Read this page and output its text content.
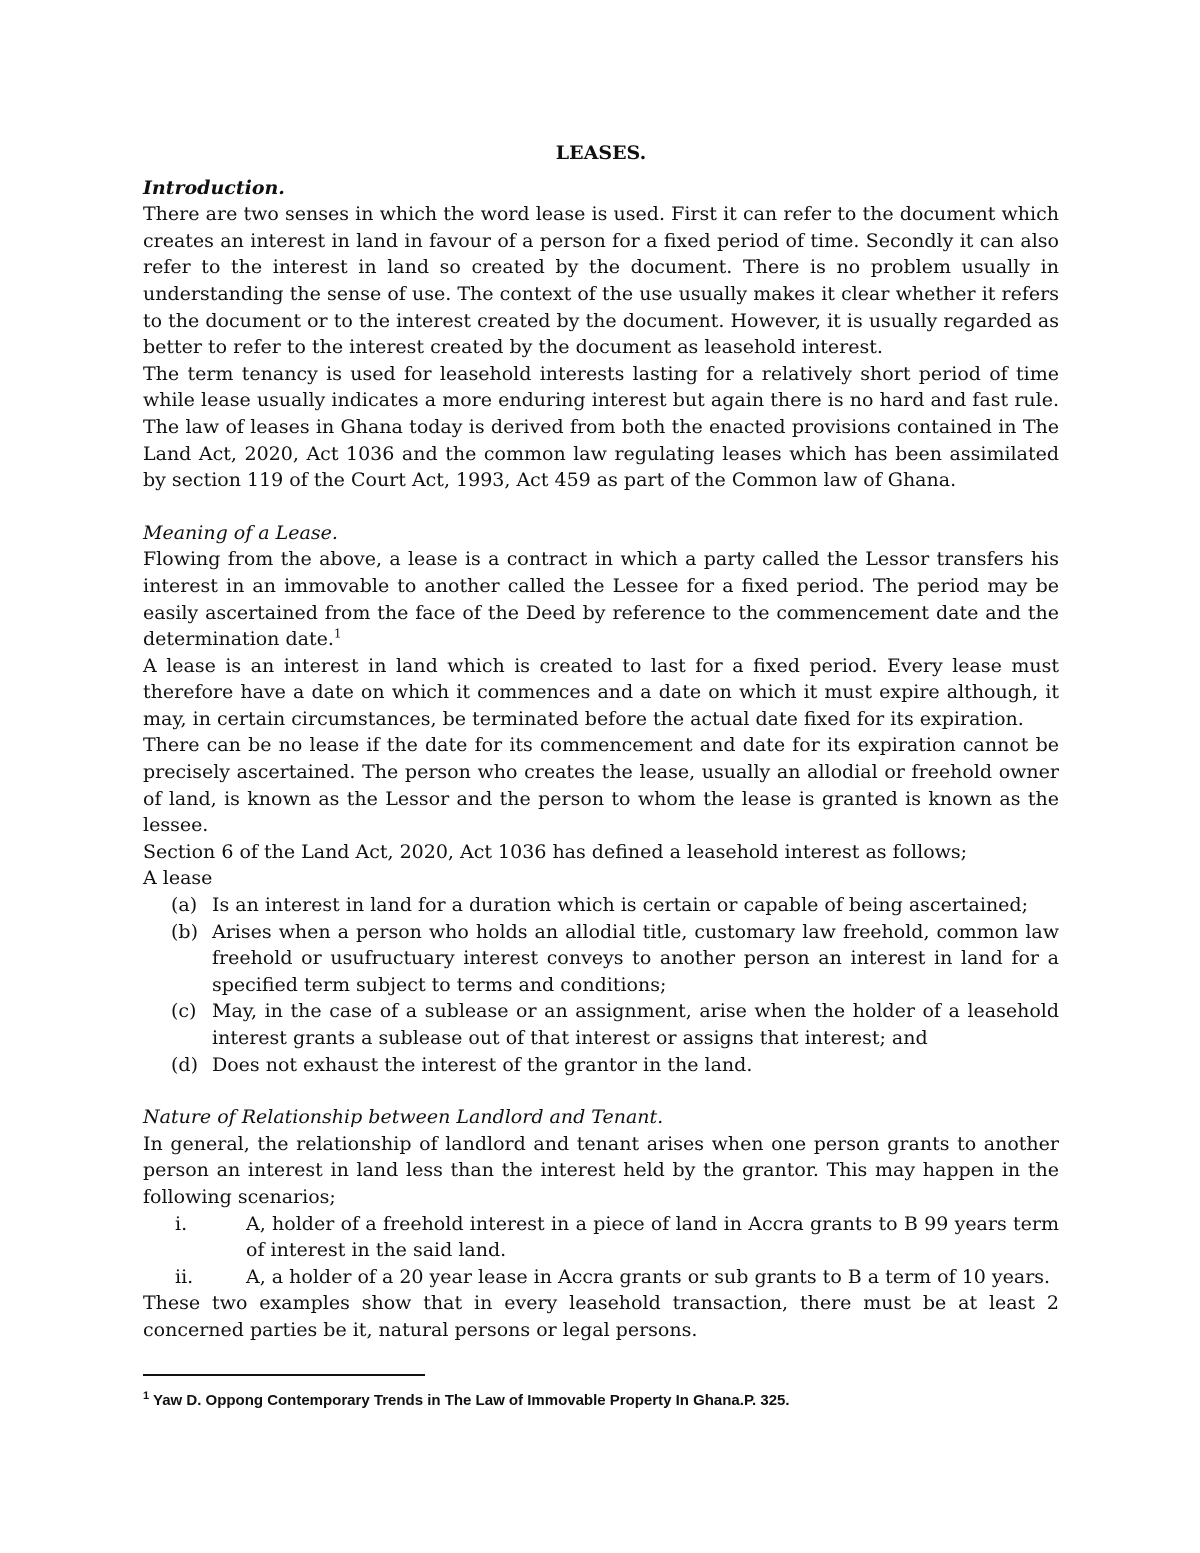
LEASES.

Introduction.

There are two senses in which the word lease is used. First it can refer to the document which creates an interest in land in favour of a person for a fixed period of time. Secondly it can also refer to the interest in land so created by the document. There is no problem usually in understanding the sense of use. The context of the use usually makes it clear whether it refers to the document or to the interest created by the document. However, it is usually regarded as better to refer to the interest created by the document as leasehold interest.

The term tenancy is used for leasehold interests lasting for a relatively short period of time while lease usually indicates a more enduring interest but again there is no hard and fast rule. The law of leases in Ghana today is derived from both the enacted provisions contained in The Land Act, 2020, Act 1036 and the common law regulating leases which has been assimilated by section 119 of the Court Act, 1993, Act 459 as part of the Common law of Ghana.

Meaning of a Lease.

Flowing from the above, a lease is a contract in which a party called the Lessor transfers his interest in an immovable to another called the Lessee for a fixed period. The period may be easily ascertained from the face of the Deed by reference to the commencement date and the determination date.$^1$

A lease is an interest in land which is created to last for a fixed period. Every lease must therefore have a date on which it commences and a date on which it must expire although, it may, in certain circumstances, be terminated before the actual date fixed for its expiration.

There can be no lease if the date for its commencement and date for its expiration cannot be precisely ascertained. The person who creates the lease, usually an allodial or freehold owner of land, is known as the Lessor and the person to whom the lease is granted is known as the lessee.

Section 6 of the Land Act, 2020, Act 1036 has defined a leasehold interest as follows;

A lease

(a) Is an interest in land for a duration which is certain or capable of being ascertained;
(b) Arises when a person who holds an allodial title, customary law freehold, common law freehold or usufructuary interest conveys to another person an interest in land for a specified term subject to terms and conditions;
(c) May, in the case of a sublease or an assignment, arise when the holder of a leasehold interest grants a sublease out of that interest or assigns that interest; and
(d) Does not exhaust the interest of the grantor in the land.

Nature of Relationship between Landlord and Tenant.

In general, the relationship of landlord and tenant arises when one person grants to another person an interest in land less than the interest held by the grantor. This may happen in the following scenarios;

i.	A, holder of a freehold interest in a piece of land in Accra grants to B 99 years term of interest in the said land.
ii.	A, a holder of a 20 year lease in Accra grants or sub grants to B a term of 10 years.

These two examples show that in every leasehold transaction, there must be at least 2 concerned parties be it, natural persons or legal persons.

$^1$ Yaw D. Oppong Contemporary Trends in The Law of Immovable Property In Ghana.P. 325.
